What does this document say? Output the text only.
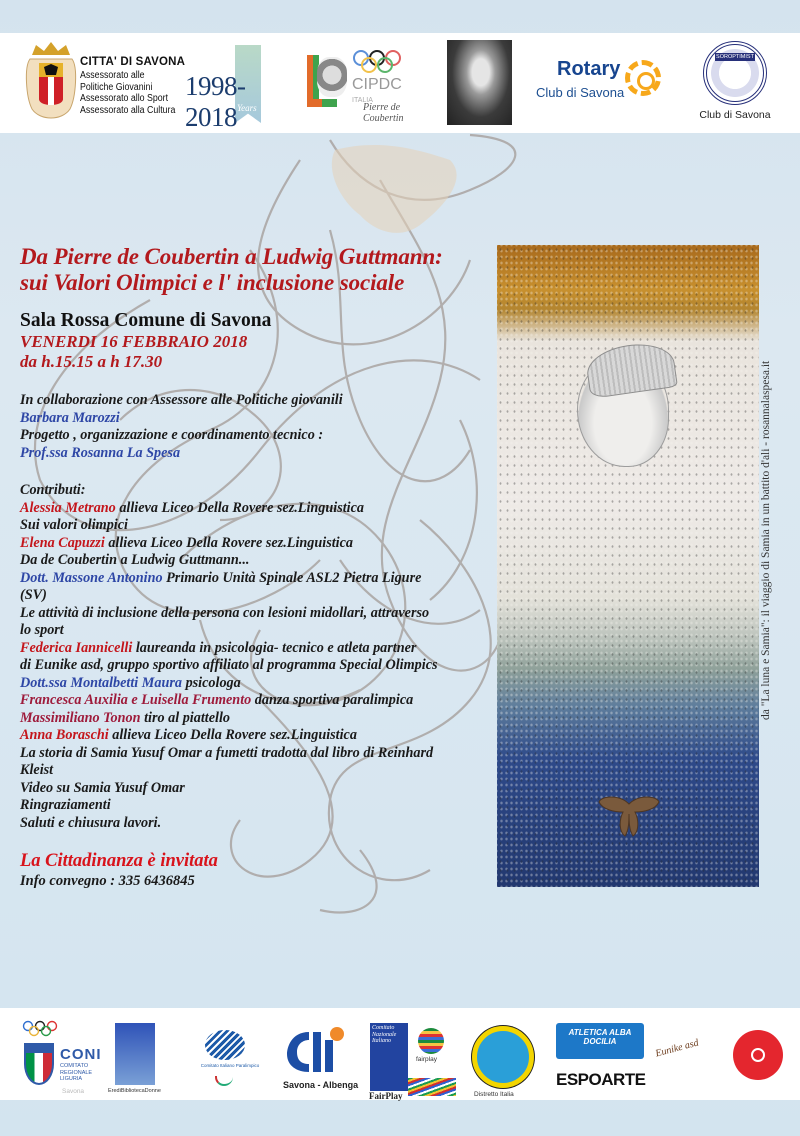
CITTA' DI SAVONA
Assessorato alle
Politiche Giovanini
Assessorato allo Sport
Assessorato alla Cultura
1998-2018 Years
CIPDC
ITALIA
Pierre de Coubertin
Rotary
Club di Savona
SOROPTIMIST
Club di Savona
Da Pierre de Coubertin a Ludwig Guttmann:
sui Valori Olimpici e l' inclusione sociale
Sala Rossa Comune di Savona
VENERDI 16 FEBBRAIO 2018
da h.15.15 a h 17.30
In collaborazione con Assessore alle Politiche giovanili
Barbara Marozzi
Progetto , organizzazione e coordinamento tecnico :
Prof.ssa Rosanna La Spesa
Contributi:
Alessia Metrano allieva Liceo Della Rovere sez.Linguistica
Sui valori olimpici
Elena Capuzzi allieva Liceo Della Rovere sez.Linguistica
Da de Coubertin a Ludwig Guttmann...
Dott. Massone Antonino Primario Unità Spinale ASL2 Pietra Ligure
(SV)
Le attività di inclusione della persona con lesioni midollari, attraverso
lo sport
Federica Iannicelli laureanda in psicologia- tecnico e atleta partner
di Eunike asd, gruppo sportivo affiliato al programma Special Olimpics
Dott.ssa Montalbetti Maura psicologa
Francesca Auxilia e Luisella Frumento danza sportiva paralimpica
Massimiliano Tonon tiro al piattello
Anna Boraschi allieva Liceo Della Rovere sez.Linguistica
La storia di Samia Yusuf Omar a fumetti tradotta dal libro di Reinhard
Kleist
Video su Samia Yusuf Omar
Ringraziamenti
Saluti e chiusura lavori.
La Cittadinanza è invitata
Info convegno : 335 6436845
da "La luna e Samia": il viaggio di Samia in un battito d'ali - rosannalaspesa.it
CONI
COMITATO
REGIONALE
LIGURIA
Savona	ErediBibliotecaDonne
Comitato Italiano Paralimpico
Savona - Albenga
Comitato
Nazionale
Italiano
FairPlay
fairplay
Distretto Italia
ATLETICA ALBA DOCILIA
ESPOARTE
Eunike asd
